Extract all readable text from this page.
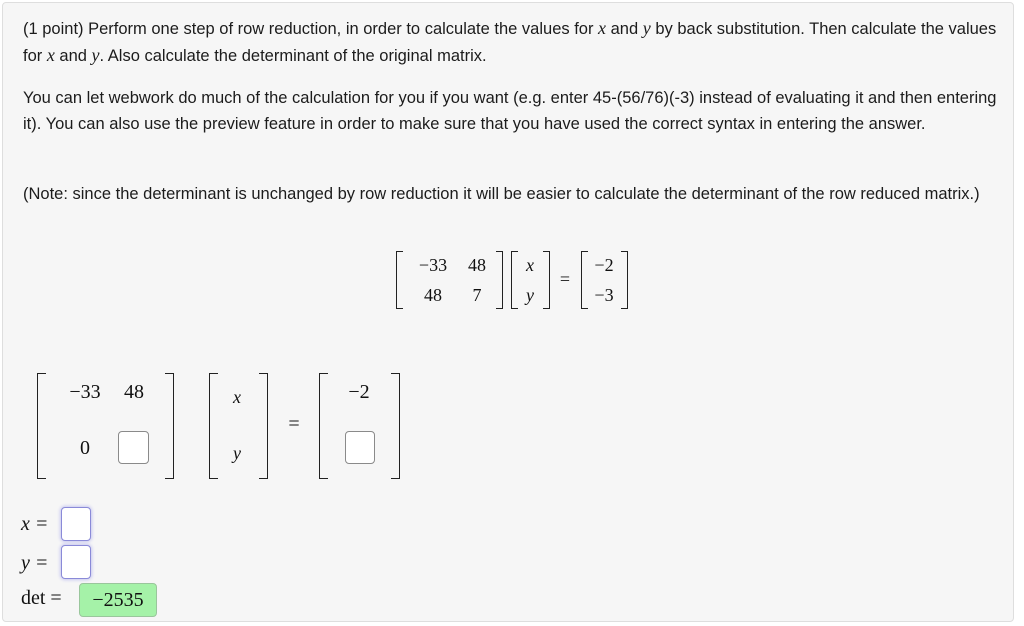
(1 point) Perform one step of row reduction, in order to calculate the values for x and y by back substitution. Then calculate the values for x and y. Also calculate the determinant of the original matrix.

You can let webwork do much of the calculation for you if you want (e.g. enter 45-(56/76)(-3) instead of evaluating it and then entering it). You can also use the preview feature in order to make sure that you have used the correct syntax in entering the answer.

(Note: since the determinant is unchanged by row reduction it will be easier to calculate the determinant of the row reduced matrix.)

−33	48
48	7
x
y
=
−2
−3
−33	48
0
x
y
=
−2
x =
y =
det =	−2535
